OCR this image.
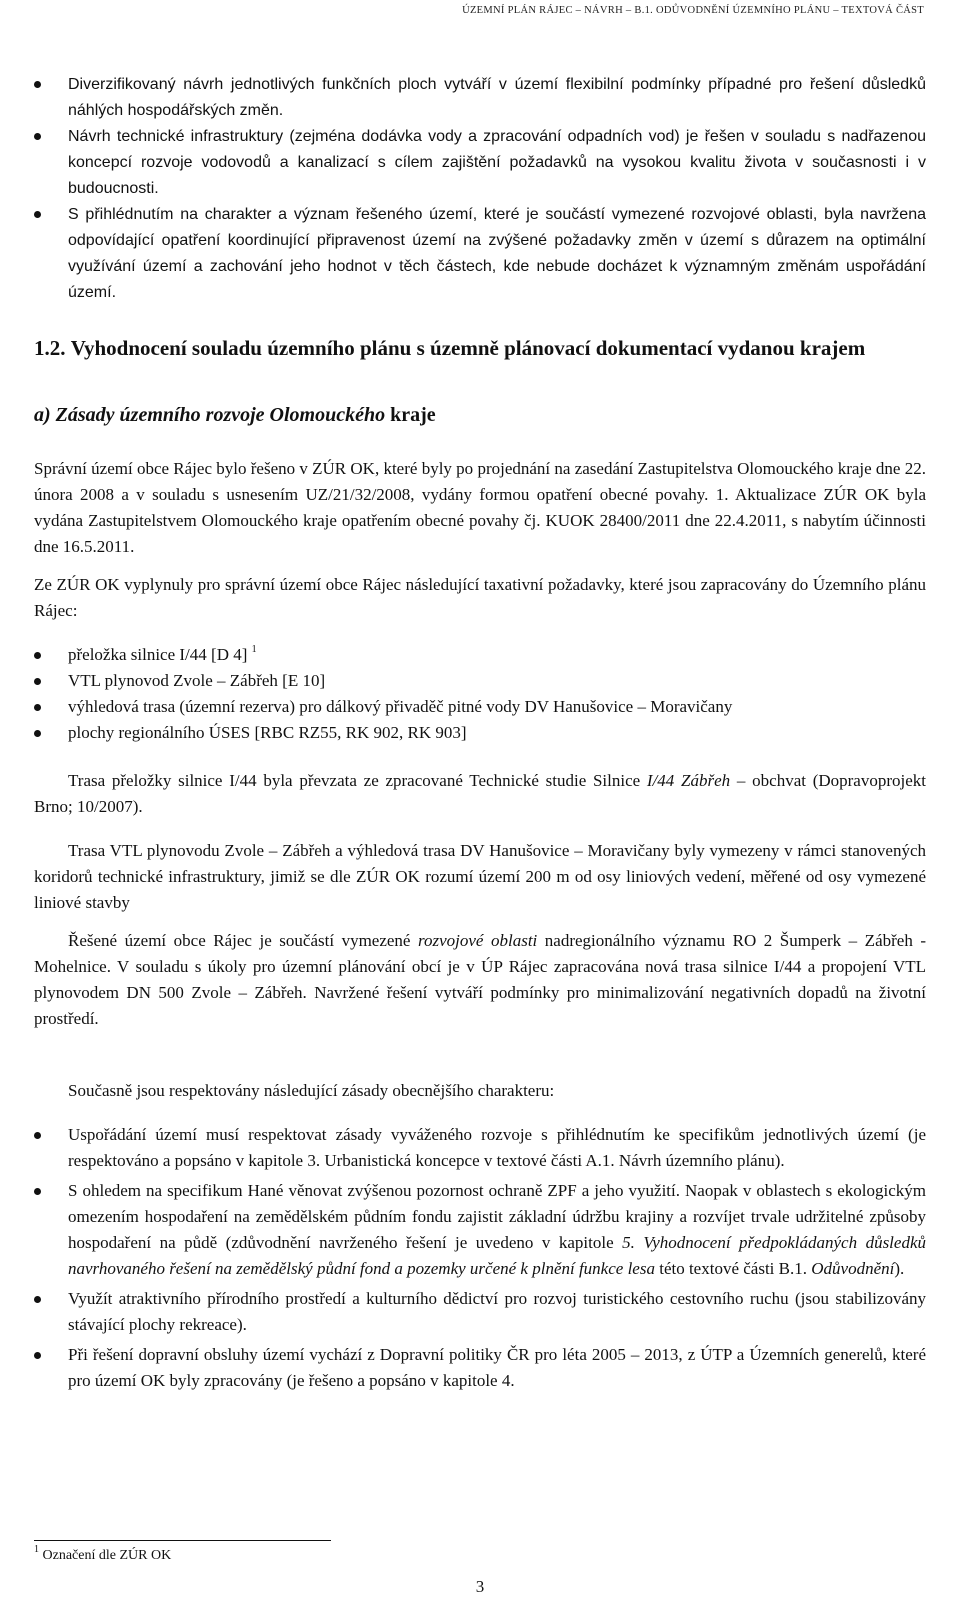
ÚZEMNÍ PLÁN RÁJEC – NÁVRH – B.1. ODŮVODNĚNÍ ÚZEMNÍHO PLÁNU – TEXTOVÁ ČÁST
Diverzifikovaný návrh jednotlivých funkčních ploch vytváří v území flexibilní podmínky případné pro řešení důsledků náhlých hospodářských změn.
Návrh technické infrastruktury (zejména dodávka vody a zpracování odpadních vod) je řešen v souladu s nadřazenou koncepcí rozvoje vodovodů a kanalizací s cílem zajištění požadavků na vysokou kvalitu života v současnosti i v budoucnosti.
S přihlédnutím na charakter a význam řešeného území, které je součástí vymezené rozvojové oblasti, byla navržena odpovídající opatření koordinující připravenost území na zvýšené požadavky změn v území s důrazem na optimální využívání území a zachování jeho hodnot v těch částech, kde nebude docházet k významným změnám uspořádání území.
1.2. Vyhodnocení souladu územního plánu s územně plánovací dokumentací vydanou krajem
a) Zásady územního rozvoje Olomouckého kraje

Správní území obce Rájec bylo řešeno v ZÚR OK, které byly po projednání na zasedání Zastupitelstva Olomouckého kraje dne 22. února 2008 a v souladu s usnesením UZ/21/32/2008, vydány formou opatření obecné povahy. 1. Aktualizace ZÚR OK byla vydána Zastupitelstvem Olomouckého kraje opatřením obecné povahy čj. KUOK 28400/2011 dne 22.4.2011, s nabytím účinnosti dne 16.5.2011.

Ze ZÚR OK vyplynuly pro správní území obce Rájec následující taxativní požadavky, které jsou zapracovány do Územního plánu Rájec:

přeložka silnice I/44 [D 4] $^1$
VTL plynovod Zvole – Zábřeh [E 10]
výhledová trasa (územní rezerva) pro dálkový přivaděč pitné vody DV Hanušovice – Moravičany
plochy regionálního ÚSES [RBC RZ55, RK 902, RK 903]

Trasa přeložky silnice I/44 byla převzata ze zpracované Technické studie Silnice I/44 Zábřeh – obchvat (Dopravoprojekt Brno; 10/2007).

Trasa VTL plynovodu Zvole – Zábřeh a výhledová trasa DV Hanušovice – Moravičany byly vymezeny v rámci stanovených koridorů technické infrastruktury, jimiž se dle ZÚR OK rozumí území 200 m od osy liniových vedení, měřené od osy vymezené liniové stavby

Řešené území obce Rájec je součástí vymezené rozvojové oblasti nadregionálního významu RO 2 Šumperk – Zábřeh - Mohelnice. V souladu s úkoly pro územní plánování obcí je v ÚP Rájec zapracována nová trasa silnice I/44 a propojení VTL plynovodem DN 500 Zvole – Zábřeh. Navržené řešení vytváří podmínky pro minimalizování negativních dopadů na životní prostředí.

Současně jsou respektovány následující zásady obecnějšího charakteru:

Uspořádání území musí respektovat zásady vyváženého rozvoje s přihlédnutím ke specifikům jednotlivých území (je respektováno a popsáno v kapitole 3. Urbanistická koncepce v textové části A.1. Návrh územního plánu).
S ohledem na specifikum Hané věnovat zvýšenou pozornost ochraně ZPF a jeho využití. Naopak v oblastech s ekologickým omezením hospodaření na zemědělském půdním fondu zajistit základní údržbu krajiny a rozvíjet trvale udržitelné způsoby hospodaření na půdě (zdůvodnění navrženého řešení je uvedeno v kapitole 5. Vyhodnocení předpokládaných důsledků navrhovaného řešení na zemědělský půdní fond a pozemky určené k plnění funkce lesa této textové části B.1. Odůvodnění).
Využít atraktivního přírodního prostředí a kulturního dědictví pro rozvoj turistického cestovního ruchu (jsou stabilizovány stávající plochy rekreace).
Při řešení dopravní obsluhy území vychází z Dopravní politiky ČR pro léta 2005 – 2013, z ÚTP a Územních generelů, které pro území OK byly zpracovány (je řešeno a popsáno v kapitole 4.
$^1$ Označení dle ZÚR OK
3
